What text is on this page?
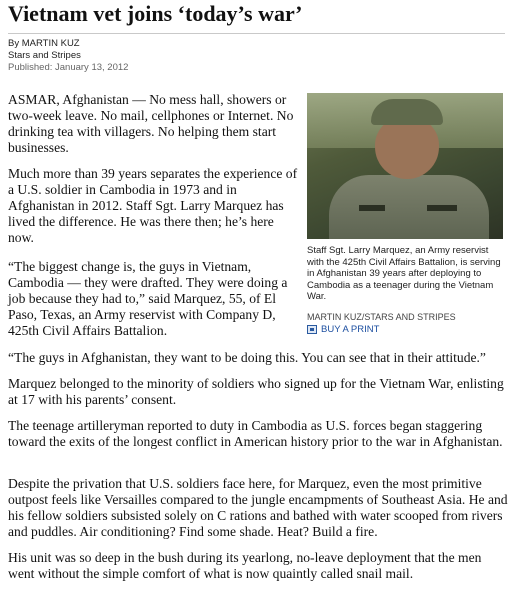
Vietnam vet joins ‘today’s war’
By MARTIN KUZ
Stars and Stripes
Published: January 13, 2012

ASMAR, Afghanistan — No mess hall, showers or two-week leave. No mail, cellphones or Internet. No drinking tea with villagers. No helping them start businesses.

Much more than 39 years separates the experience of a U.S. soldier in Cambodia in 1973 and in Afghanistan in 2012. Staff Sgt. Larry Marquez has lived the difference. He was there then; he’s here now.

“The biggest change is, the guys in Vietnam, Cambodia — they were drafted. They were doing a job because they had to,” said Marquez, 55, of El Paso, Texas, an Army reservist with Company D, 425th Civil Affairs Battalion.

“The guys in Afghanistan, they want to be doing this. You can see that in their attitude.”

Marquez belonged to the minority of soldiers who signed up for the Vietnam War, enlisting at 17 with his parents’ consent.

The teenage artilleryman reported to duty in Cambodia as U.S. forces began staggering toward the exits of the longest conflict in American history prior to the war in Afghanistan.

Despite the privation that U.S. soldiers face here, for Marquez, even the most primitive outpost feels like Versailles compared to the jungle encampments of Southeast Asia. He and his fellow soldiers subsisted solely on C rations and bathed with water scooped from rivers and puddles. Air conditioning? Find some shade. Heat? Build a fire.

His unit was so deep in the bush during its yearlong, no-leave deployment that the men went without the simple comfort of what is now quaintly called snail mail.

Staff Sgt. Larry Marquez, an Army reservist with the 425th Civil Affairs Battalion, is serving in Afghanistan 39 years after deploying to Cambodia as a teenager during the Vietnam War.

MARTIN KUZ/STARS AND STRIPES
BUY A PRINT
